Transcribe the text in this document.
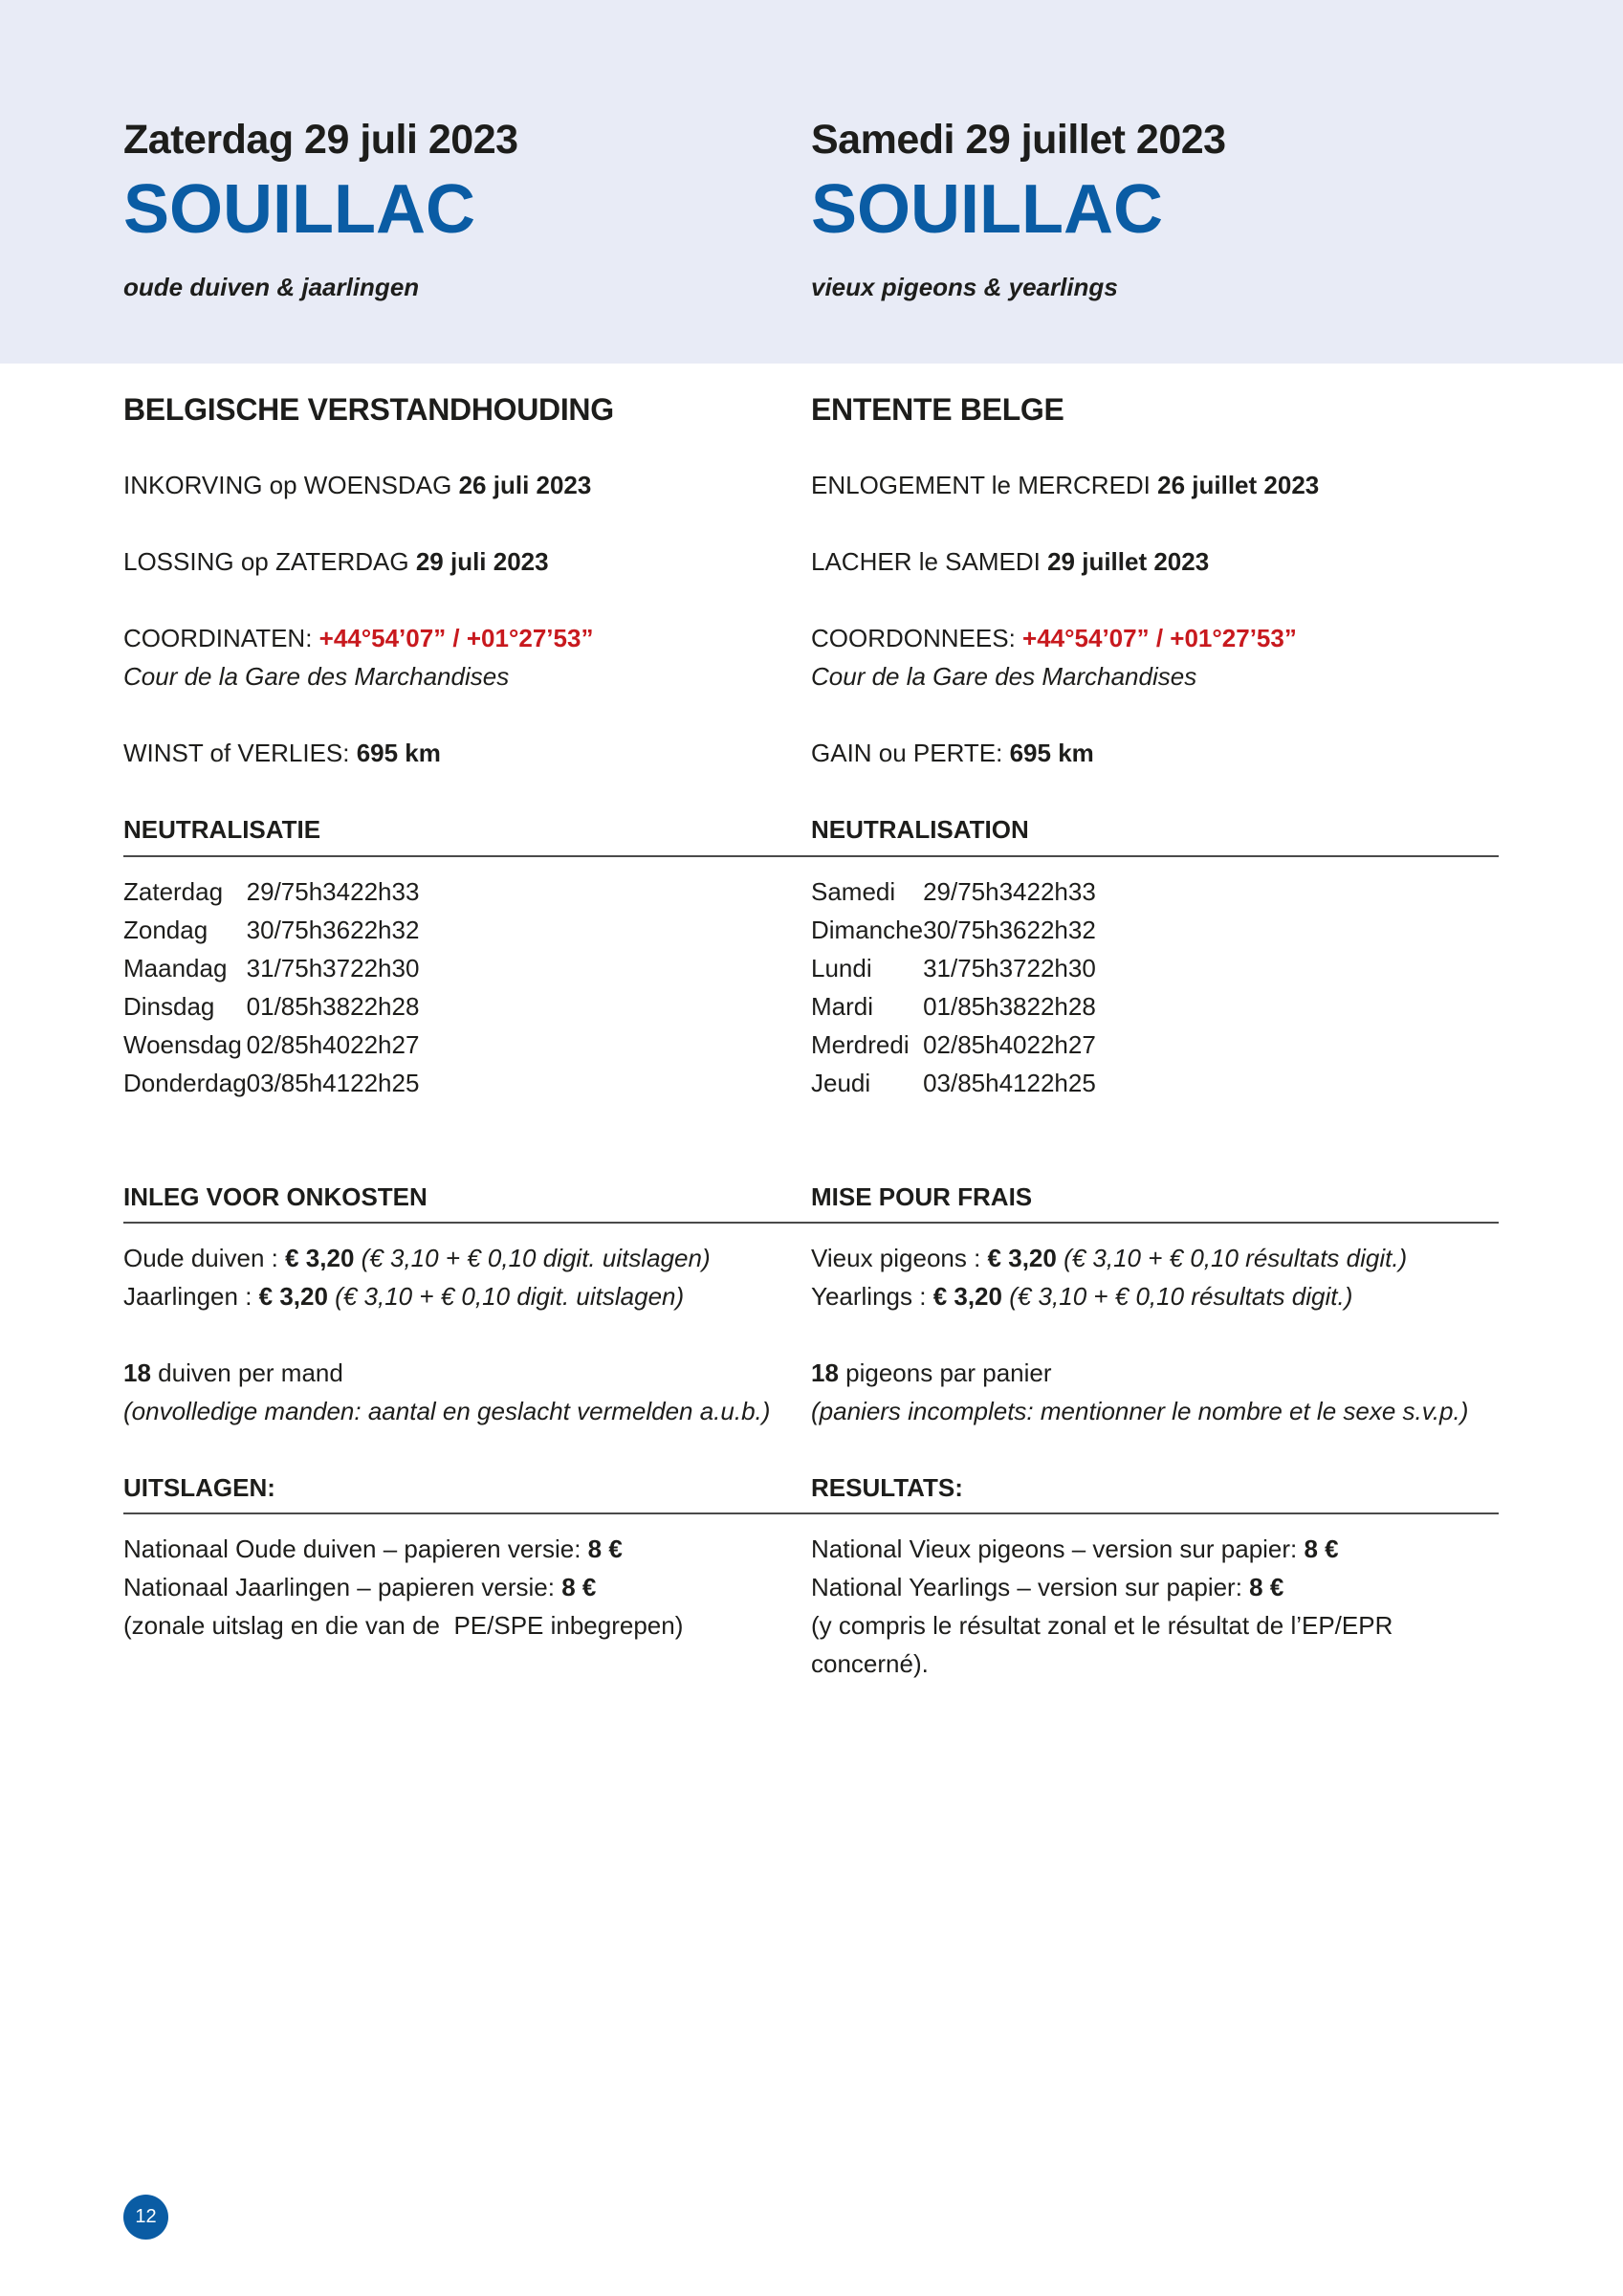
Zaterdag 29 juli 2023
SOUILLAC
oude duiven & jaarlingen
Samedi 29 juillet 2023
SOUILLAC
vieux pigeons & yearlings
BELGISCHE VERSTANDHOUDING
INKORVING op WOENSDAG 26 juli 2023
LOSSING op ZATERDAG 29 juli 2023
COORDINATEN: +44°54’07” / +01°27’53”
Cour de la Gare des Marchandises
WINST of VERLIES: 695 km
NEUTRALISATIE
Zaterdag	29/7	5h34	22h33
Zondag	30/7	5h36	22h32
Maandag	31/7	5h37	22h30
Dinsdag	01/8	5h38	22h28
Woensdag	02/8	5h40	22h27
Donderdag	03/8	5h41	22h25
INLEG VOOR ONKOSTEN
Oude duiven : € 3,20 (€ 3,10 + € 0,10 digit. uitslagen)
Jaarlingen : € 3,20 (€ 3,10 + € 0,10 digit. uitslagen)
18 duiven per mand
(onvolledige manden: aantal en geslacht vermelden a.u.b.)
UITSLAGEN:
Nationaal Oude duiven – papieren versie: 8 €
Nationaal Jaarlingen – papieren versie: 8 €
(zonale uitslag en die van de  PE/SPE inbegrepen)
ENTENTE BELGE
ENLOGEMENT le MERCREDI 26 juillet 2023
LACHER le SAMEDI 29 juillet 2023
COORDONNEES: +44°54’07” / +01°27’53”
Cour de la Gare des Marchandises
GAIN ou PERTE: 695 km
NEUTRALISATION
Samedi	29/7	5h34	22h33
Dimanche	30/7	5h36	22h32
Lundi	31/7	5h37	22h30
Mardi	01/8	5h38	22h28
Merdredi	02/8	5h40	22h27
Jeudi	03/8	5h41	22h25
MISE POUR FRAIS
Vieux pigeons : € 3,20 (€ 3,10 + € 0,10 résultats digit.)
Yearlings : € 3,20 (€ 3,10 + € 0,10 résultats digit.)
18 pigeons par panier
(paniers incomplets: mentionner le nombre et le sexe s.v.p.)
RESULTATS:
National Vieux pigeons – version sur papier: 8 €
National Yearlings – version sur papier: 8 €
(y compris le résultat zonal et le résultat de l’EP/EPR
concerné).
12
